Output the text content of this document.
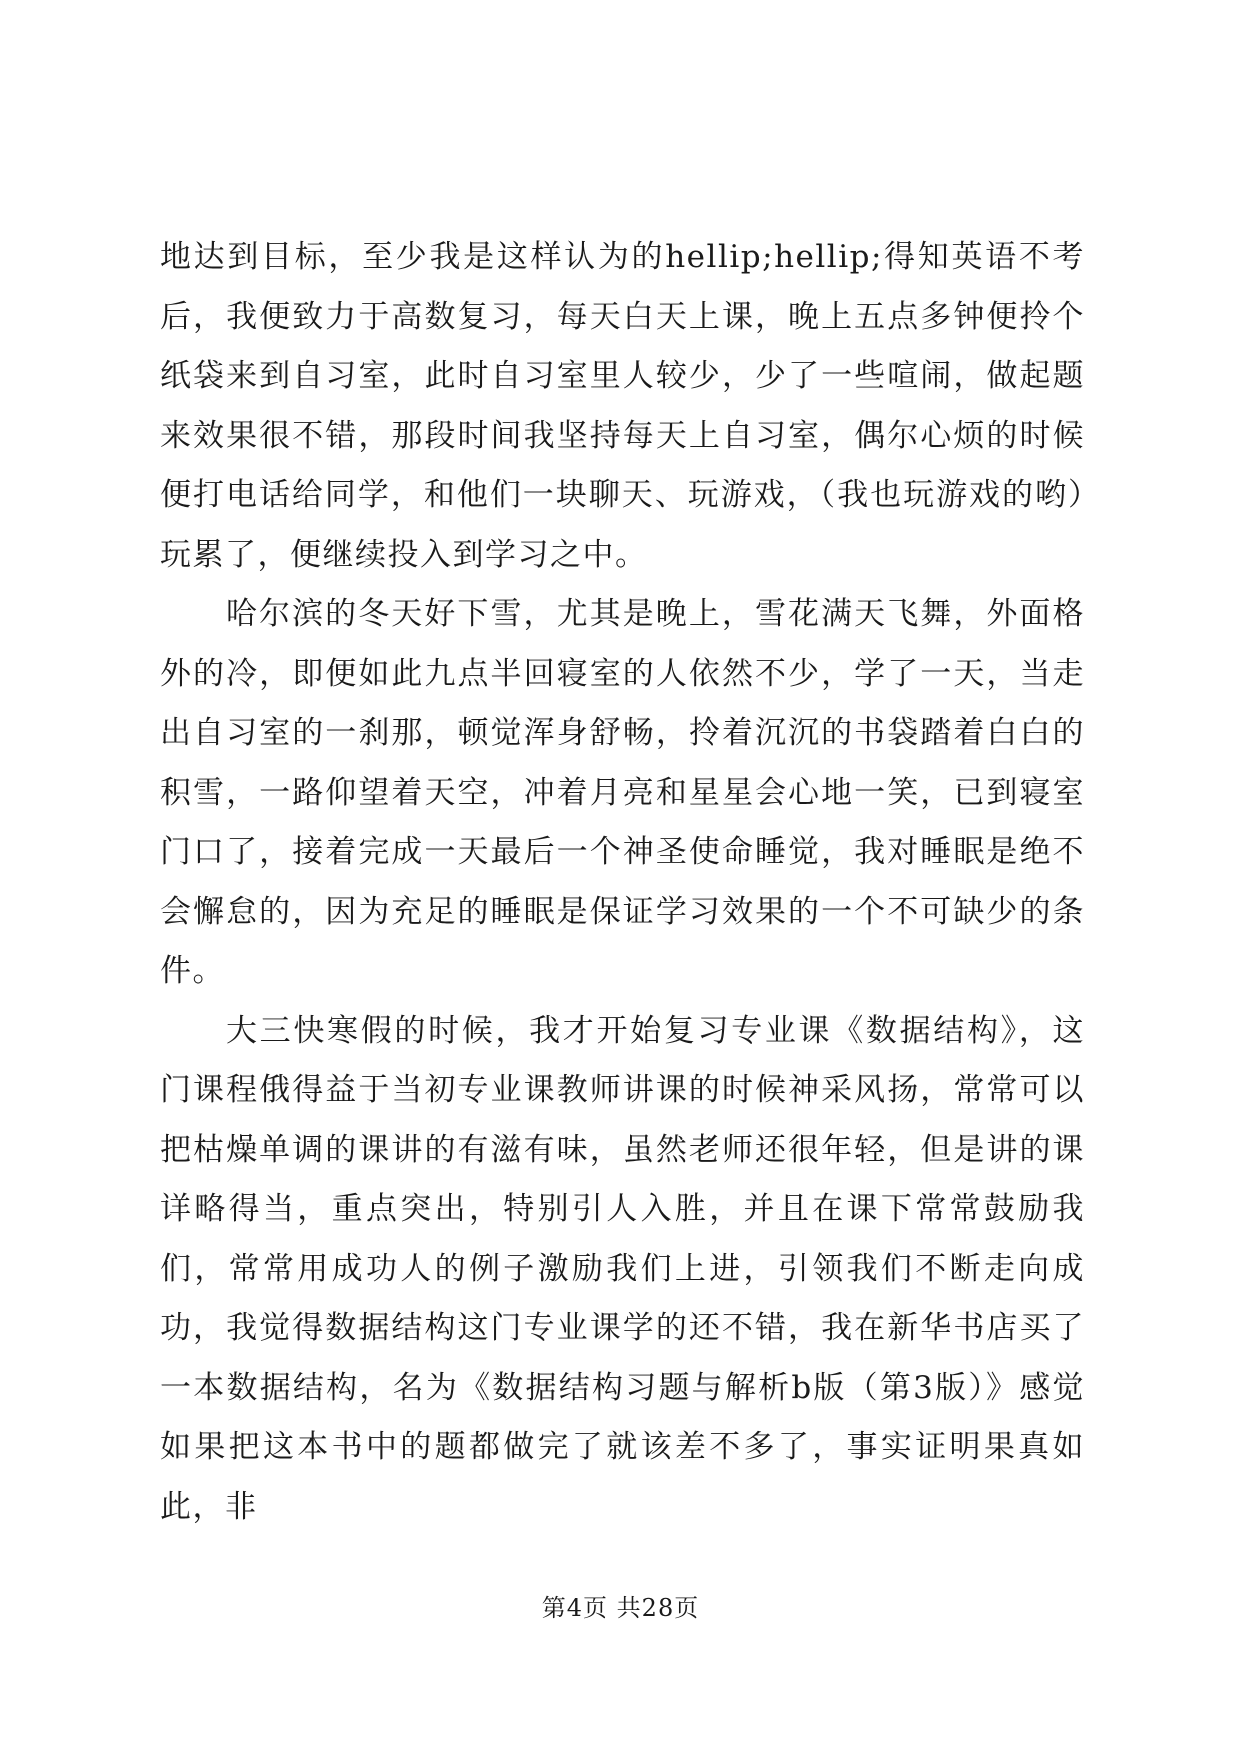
地达到目标，至少我是这样认为的hellip;hellip;得知英语不考后，我便致力于高数复习，每天白天上课，晚上五点多钟便拎个纸袋来到自习室，此时自习室里人较少，少了一些喧闹，做起题来效果很不错，那段时间我坚持每天上自习室，偶尔心烦的时候便打电话给同学，和他们一块聊天、玩游戏，（我也玩游戏的哟）玩累了，便继续投入到学习之中。

哈尔滨的冬天好下雪，尤其是晚上，雪花满天飞舞，外面格外的冷，即便如此九点半回寝室的人依然不少，学了一天，当走出自习室的一刹那，顿觉浑身舒畅，拎着沉沉的书袋踏着白白的积雪，一路仰望着天空，冲着月亮和星星会心地一笑，已到寝室门口了，接着完成一天最后一个神圣使命睡觉，我对睡眠是绝不会懈怠的，因为充足的睡眠是保证学习效果的一个不可缺少的条件。

大三快寒假的时候，我才开始复习专业课《数据结构》，这门课程俄得益于当初专业课教师讲课的时候神采风扬，常常可以把枯燥单调的课讲的有滋有味，虽然老师还很年轻，但是讲的课详略得当，重点突出，特别引人入胜，并且在课下常常鼓励我们，常常用成功人的例子激励我们上进，引领我们不断走向成功，我觉得数据结构这门专业课学的还不错，我在新华书店买了一本数据结构，名为《数据结构习题与解析b版（第3版）》感觉如果把这本书中的题都做完了就该差不多了，事实证明果真如此，非

第4页 共28页
